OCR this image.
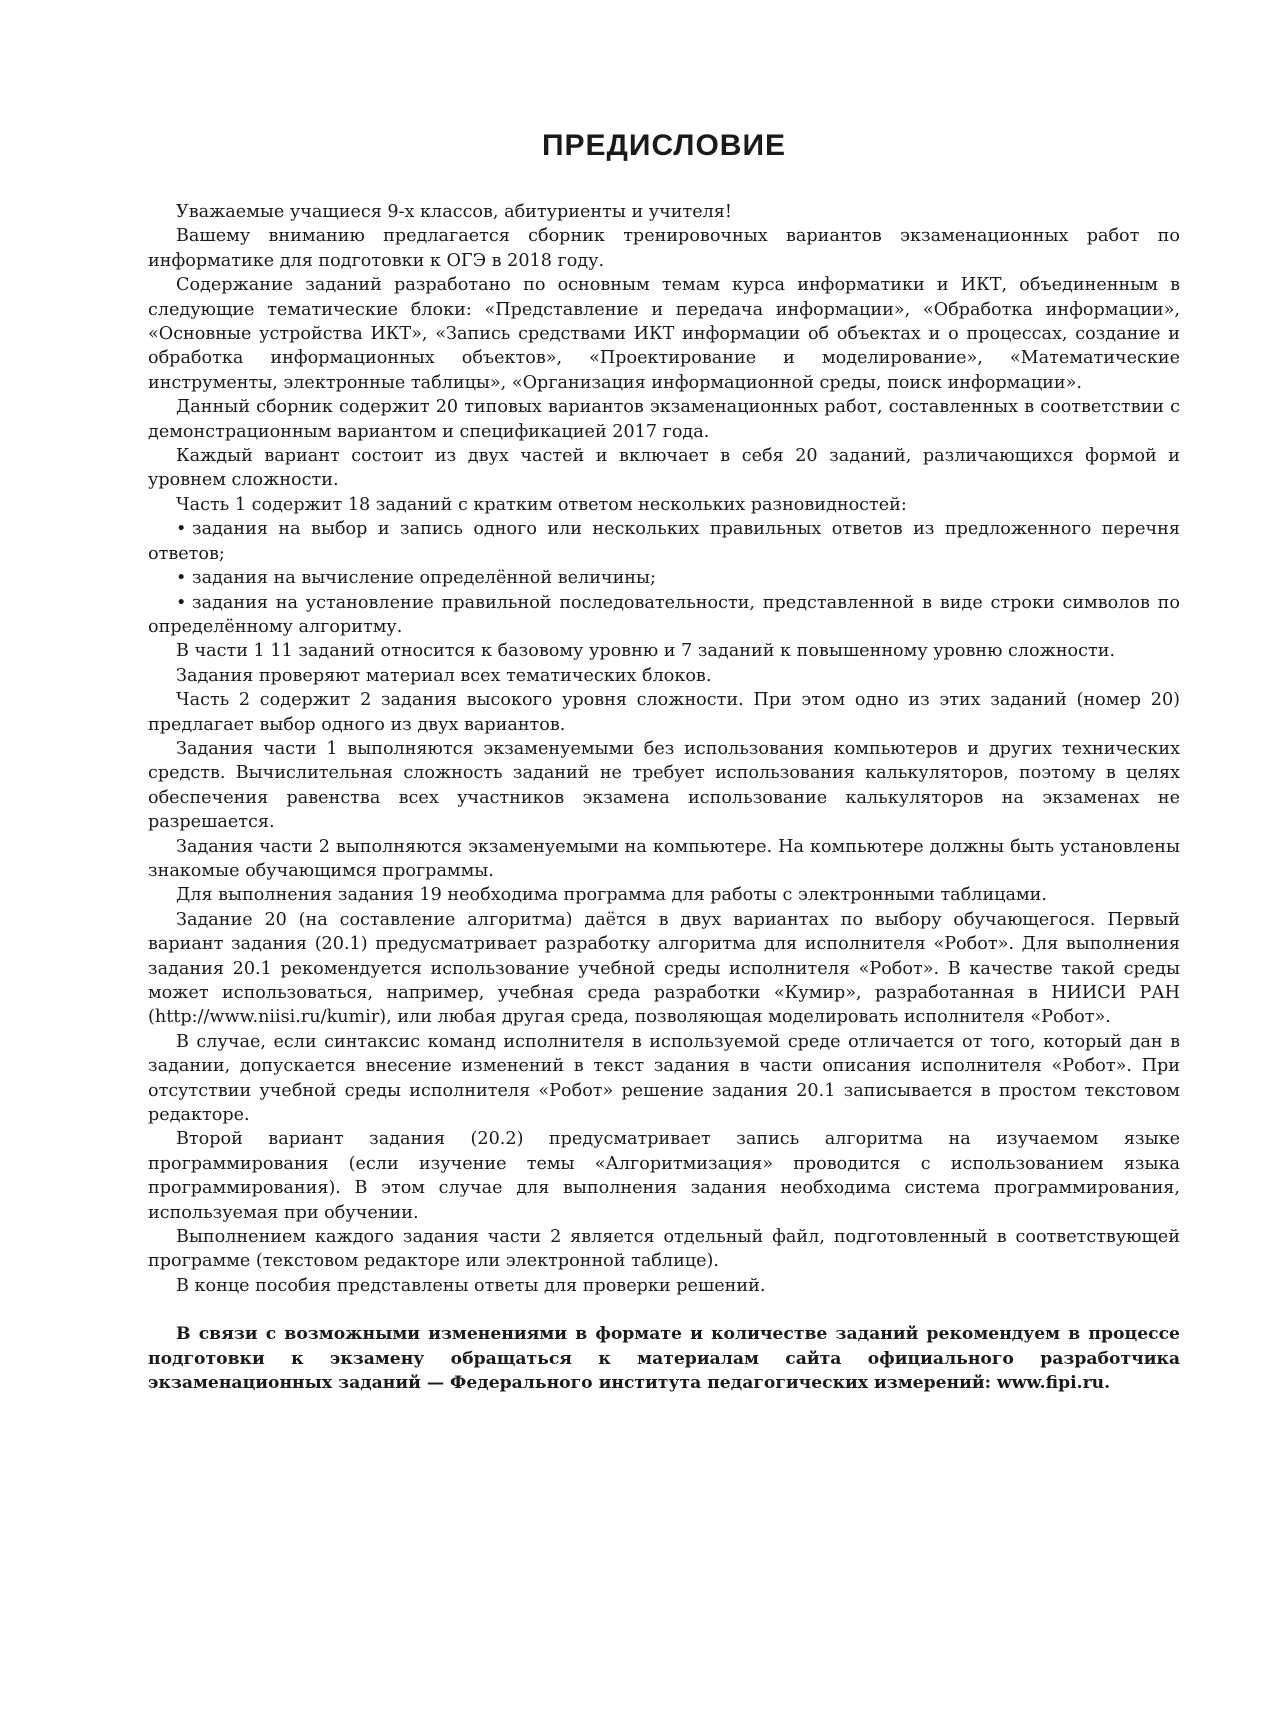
ПРЕДИСЛОВИЕ

Уважаемые учащиеся 9-х классов, абитуриенты и учителя!

Вашему вниманию предлагается сборник тренировочных вариантов экзаменационных работ по информатике для подготовки к ОГЭ в 2018 году.

Содержание заданий разработано по основным темам курса информатики и ИКТ, объединенным в следующие тематические блоки: «Представление и передача информации», «Обработка информации», «Основные устройства ИКТ», «Запись средствами ИКТ информации об объектах и о процессах, создание и обработка информационных объектов», «Проектирование и моделирование», «Математические инструменты, электронные таблицы», «Организация информационной среды, поиск информации».

Данный сборник содержит 20 типовых вариантов экзаменационных работ, составленных в соответствии с демонстрационным вариантом и спецификацией 2017 года.

Каждый вариант состоит из двух частей и включает в себя 20 заданий, различающихся формой и уровнем сложности.

Часть 1 содержит 18 заданий с кратким ответом нескольких разновидностей:

• задания на выбор и запись одного или нескольких правильных ответов из предложенного перечня ответов;

• задания на вычисление определённой величины;

• задания на установление правильной последовательности, представленной в виде строки символов по определённому алгоритму.

В части 1 11 заданий относится к базовому уровню и 7 заданий к повышенному уровню сложности.

Задания проверяют материал всех тематических блоков.

Часть 2 содержит 2 задания высокого уровня сложности. При этом одно из этих заданий (номер 20) предлагает выбор одного из двух вариантов.

Задания части 1 выполняются экзаменуемыми без использования компьютеров и других технических средств. Вычислительная сложность заданий не требует использования калькуляторов, поэтому в целях обеспечения равенства всех участников экзамена использование калькуляторов на экзаменах не разрешается.

Задания части 2 выполняются экзаменуемыми на компьютере. На компьютере должны быть установлены знакомые обучающимся программы.

Для выполнения задания 19 необходима программа для работы с электронными таблицами.

Задание 20 (на составление алгоритма) даётся в двух вариантах по выбору обучающегося. Первый вариант задания (20.1) предусматривает разработку алгоритма для исполнителя «Робот». Для выполнения задания 20.1 рекомендуется использование учебной среды исполнителя «Робот». В качестве такой среды может использоваться, например, учебная среда разработки «Кумир», разработанная в НИИСИ РАН (http://www.niisi.ru/kumir), или любая другая среда, позволяющая моделировать исполнителя «Робот».

В случае, если синтаксис команд исполнителя в используемой среде отличается от того, который дан в задании, допускается внесение изменений в текст задания в части описания исполнителя «Робот». При отсутствии учебной среды исполнителя «Робот» решение задания 20.1 записывается в простом текстовом редакторе.

Второй вариант задания (20.2) предусматривает запись алгоритма на изучаемом языке программирования (если изучение темы «Алгоритмизация» проводится с использованием языка программирования). В этом случае для выполнения задания необходима система программирования, используемая при обучении.

Выполнением каждого задания части 2 является отдельный файл, подготовленный в соответствующей программе (текстовом редакторе или электронной таблице).

В конце пособия представлены ответы для проверки решений.

В связи с возможными изменениями в формате и количестве заданий рекомендуем в процессе подготовки к экзамену обращаться к материалам сайта официального разработчика экзаменационных заданий — Федерального института педагогических измерений: www.fipi.ru.
